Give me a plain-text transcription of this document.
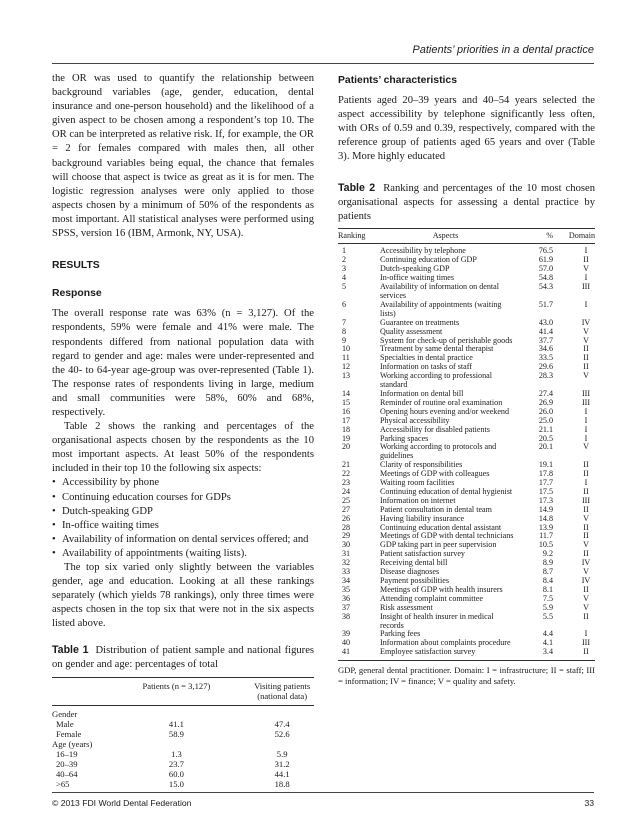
Patients’ priorities in a dental practice

the OR was used to quantify the relationship between background variables (age, gender, education, dental insurance and one-person household) and the likelihood of a given aspect to be chosen among a respondent’s top 10. The OR can be interpreted as relative risk. If, for example, the OR = 2 for females compared with males then, all other background variables being equal, the chance that females will choose that aspect is twice as great as it is for men. The logistic regression analyses were only applied to those aspects chosen by a minimum of 50% of the respondents as most important. All statistical analyses were performed using SPSS, version 16 (IBM, Armonk, NY, USA).

RESULTS

Response

The overall response rate was 63% (n = 3,127). Of the respondents, 59% were female and 41% were male. The respondents differed from national population data with regard to gender and age: males were under-represented and the 40- to 64-year age-group was over-represented (Table 1). The response rates of respondents living in large, medium and small communities were 58%, 60% and 68%, respectively.

Table 2 shows the ranking and percentages of the organisational aspects chosen by the respondents as the 10 most important aspects. At least 50% of the respondents included in their top 10 the following six aspects:

• Accessibility by phone
• Continuing education courses for GDPs
• Dutch-speaking GDP
• In-office waiting times
• Availability of information on dental services offered; and
• Availability of appointments (waiting lists).

The top six varied only slightly between the variables gender, age and education. Looking at all these rankings separately (which yields 78 rankings), only three times were aspects chosen in the top six that were not in the six aspects listed above.

Table 1 Distribution of patient sample and national figures on gender and age: percentages of total

	Patients (n = 3,127)	Visiting patients (national data)

Gender		
Male	41.1	47.4
Female	58.9	52.6
Age (years)		
16–19	1.3	5.9
20–39	23.7	31.2
40–64	60.0	44.1
>65	15.0	18.8

Patients’ characteristics

Patients aged 20–39 years and 40–54 years selected the aspect accessibility by telephone significantly less often, with ORs of 0.59 and 0.39, respectively, compared with the reference group of patients aged 65 years and over (Table 3). More highly educated

Table 2 Ranking and percentages of the 10 most chosen organisational aspects for assessing a dental practice by patients

Ranking	Aspects	%	Domain

1	Accessibility by telephone	76.5	I
2	Continuing education of GDP	61.9	II
3	Dutch-speaking GDP	57.0	V
4	In-office waiting times	54.8	I
5	Availability of information on dental services	54.3	III
6	Availability of appointments (waiting lists)	51.7	I
7	Guarantee on treatments	43.0	IV
8	Quality assessment	41.4	V
9	System for check-up of perishable goods	37.7	V
10	Treatment by same dental therapist	34.6	II
11	Specialties in dental practice	33.5	II
12	Information on tasks of staff	29.6	II
13	Working according to professional standard	28.3	V
14	Information on dental bill	27.4	III
15	Reminder of routine oral examination	26.9	III
16	Opening hours evening and/or weekend	26.0	I
17	Physical accessibility	25.0	I
18	Accessibility for disabled patients	21.1	I
19	Parking spaces	20.5	I
20	Working according to protocols and guidelines	20.1	V
21	Clarity of responsibilities	19.1	II
22	Meetings of GDP with colleagues	17.8	II
23	Waiting room facilities	17.7	I
24	Continuing education of dental hygienist	17.5	II
25	Information on internet	17.3	III
27	Patient consultation in dental team	14.9	II
26	Having liability insurance	14.8	V
28	Continuing education dental assistant	13.9	II
29	Meetings of GDP with dental technicians	11.7	II
30	GDP taking part in peer supervision	10.5	V
31	Patient satisfaction survey	9.2	II
32	Receiving dental bill	8.9	IV
33	Disease diagnoses	8.7	V
34	Payment possibilities	8.4	IV
35	Meetings of GDP with health insurers	8.1	II
36	Attending complaint committee	7.5	V
37	Risk assessment	5.9	V
38	Insight of health insurer in medical records	5.5	II
39	Parking fees	4.4	I
40	Information about complaints procedure	4.1	III
41	Employee satisfaction survey	3.4	II

GDP, general dental practitioner. Domain: I = infrastructure; II = staff; III = information; IV = finance; V = quality and safety.

© 2013 FDI World Dental Federation	33
